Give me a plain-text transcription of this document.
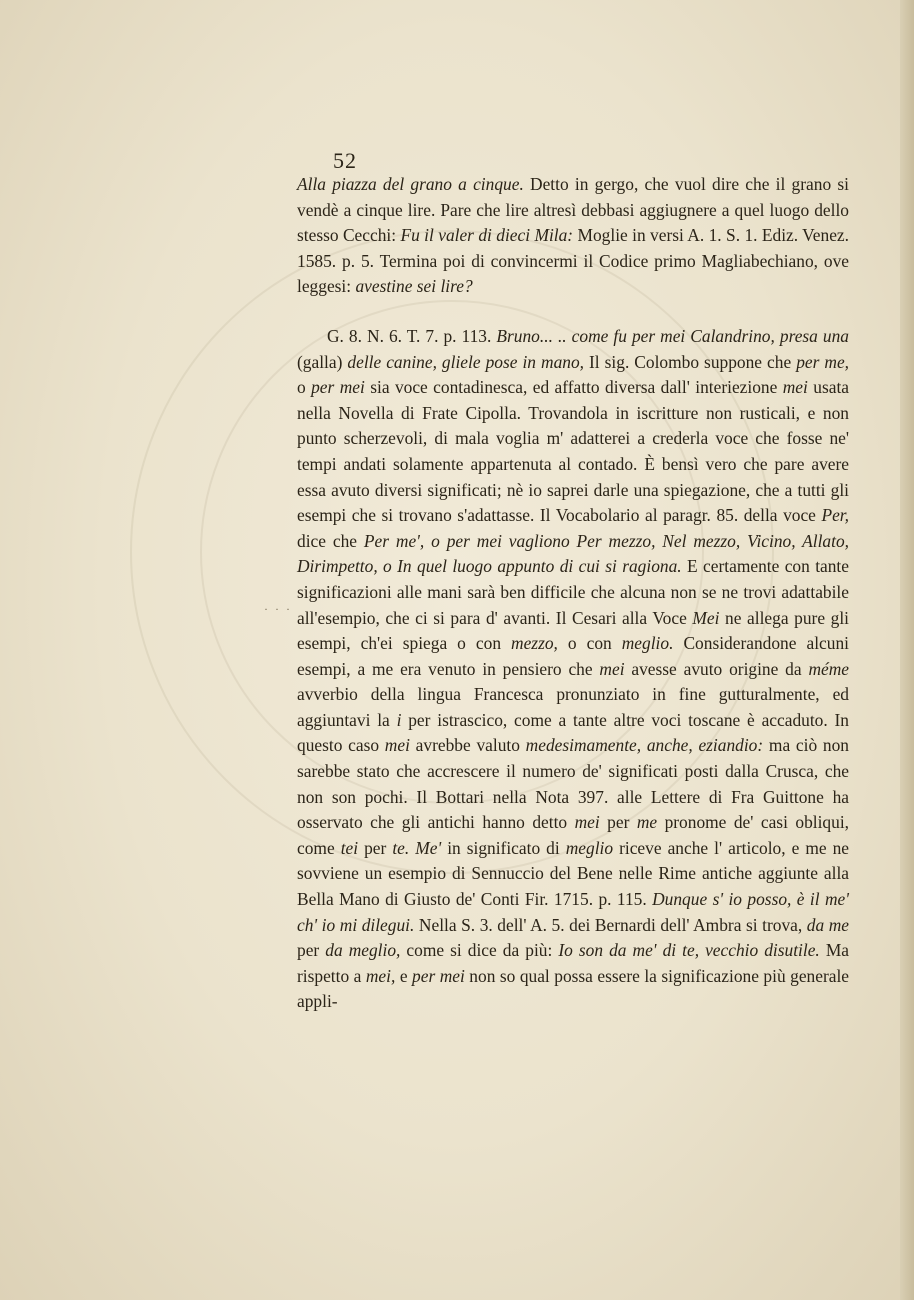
52
· · ·

Alla piazza del grano a cinque. Detto in gergo, che vuol dire che il grano si vendè a cinque lire. Pare che lire altresì debbasi aggiugnere a quel luogo dello stesso Cecchi: Fu il valer di dieci Mila: Moglie in versi A. 1. S. 1. Ediz. Venez. 1585. p. 5. Termina poi di convincermi il Codice primo Magliabechiano, ove leggesi: avestine sei lire?

G. 8. N. 6. T. 7. p. 113. Bruno... .. come fu per mei Calandrino, presa una (galla) delle canine, gliele pose in mano, Il sig. Colombo suppone che per me, o per mei sia voce contadinesca, ed affatto diversa dall' interiezione mei usata nella Novella di Frate Cipolla. Trovandola in iscritture non rusticali, e non punto scherzevoli, di mala voglia m' adatterei a crederla voce che fosse ne' tempi andati solamente appartenuta al contado. È bensì vero che pare avere essa avuto diversi significati; nè io saprei darle una spiegazione, che a tutti gli esempi che si trovano s'adattasse. Il Vocabolario al paragr. 85. della voce Per, dice che Per me', o per mei vagliono Per mezzo, Nel mezzo, Vicino, Allato, Dirimpetto, o In quel luogo appunto di cui si ragiona. E certamente con tante significazioni alle mani sarà ben difficile che alcuna non se ne trovi adattabile all'esempio, che ci si para d' avanti. Il Cesari alla Voce Mei ne allega pure gli esempi, ch'ei spiega o con mezzo, o con meglio. Considerandone alcuni esempi, a me era venuto in pensiero che mei avesse avuto origine da méme avverbio della lingua Francesca pronunziato in fine gutturalmente, ed aggiuntavi la i per istrascico, come a tante altre voci toscane è accaduto. In questo caso mei avrebbe valuto medesimamente, anche, eziandio: ma ciò non sarebbe stato che accrescere il numero de' significati posti dalla Crusca, che non son pochi. Il Bottari nella Nota 397. alle Lettere di Fra Guittone ha osservato che gli antichi hanno detto mei per me pronome de' casi obliqui, come tei per te. Me' in significato di meglio riceve anche l' articolo, e me ne sovviene un esempio di Sennuccio del Bene nelle Rime antiche aggiunte alla Bella Mano di Giusto de' Conti Fir. 1715. p. 115. Dunque s' io posso, è il me' ch' io mi dilegui. Nella S. 3. dell' A. 5. dei Bernardi dell' Ambra si trova, da me per da meglio, come si dice da più: Io son da me' di te, vecchio disutile. Ma rispetto a mei, e per mei non so qual possa essere la significazione più generale appli-
